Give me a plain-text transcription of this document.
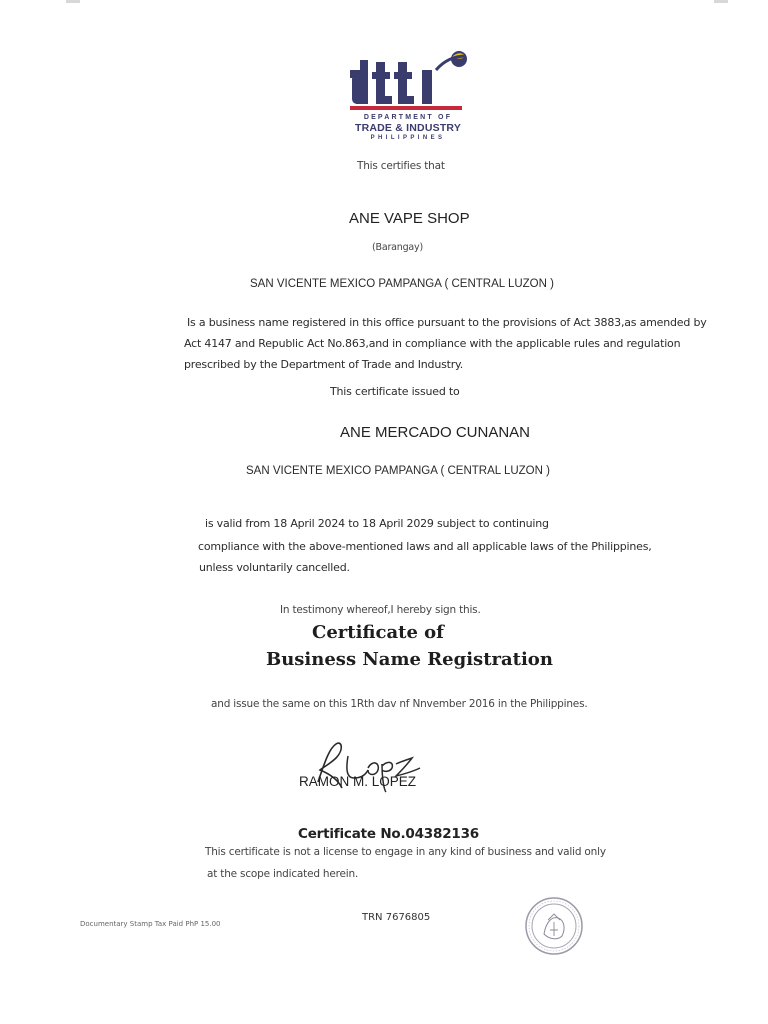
DEPARTMENT OF
TRADE & INDUSTRY
PHILIPPINES
This certifies that
ANE VAPE SHOP
(Barangay)
SAN VICENTE MEXICO PAMPANGA ( CENTRAL LUZON )
Is a business name registered in this office pursuant to the provisions of Act 3883,as amended by
Act 4147 and Republic Act No.863,and in compliance with the applicable rules and regulation
prescribed by the Department of Trade and Industry.
This certificate issued to
ANE MERCADO CUNANAN
SAN VICENTE MEXICO PAMPANGA ( CENTRAL LUZON )
is valid from 18 April 2024 to 18 April 2029 subject to continuing
compliance with the above-mentioned laws and all applicable laws of the Philippines,
unless voluntarily cancelled.
In testimony whereof,I hereby sign this.
Certificate of
Business Name Registration
and issue the same on this 1Rth dav nf Nnvember 2016 in the Philippines.
RAMON M. LOPEZ
Certificate No.04382136
This certificate is not a license to engage in any kind of business and valid only
at the scope indicated herein.
Documentary Stamp Tax Paid PhP 15.00
TRN 7676805
